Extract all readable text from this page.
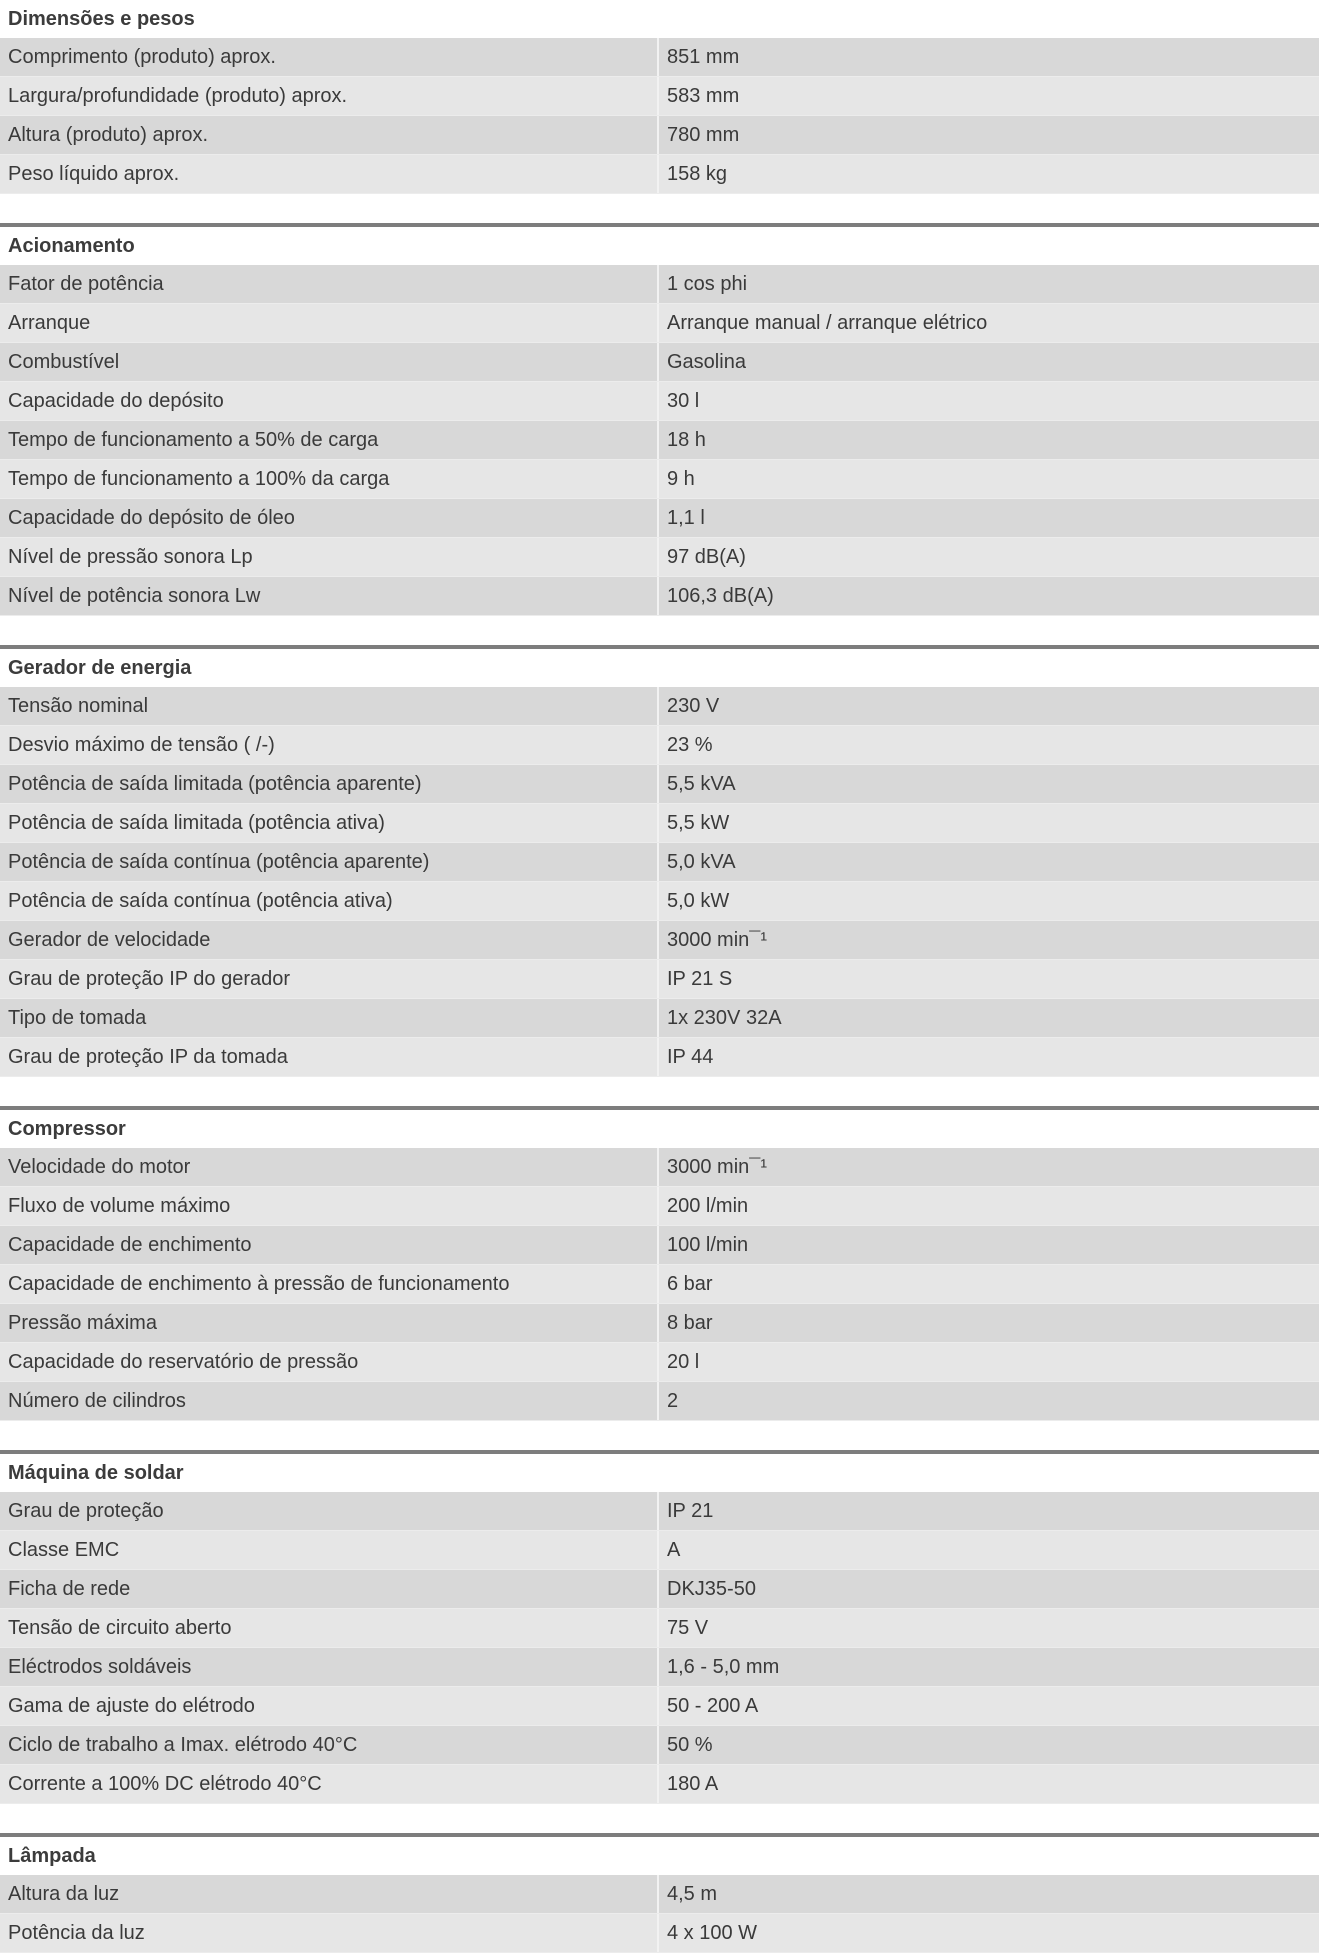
Dimensões e pesos
Comprimento (produto) aprox.	851 mm
Largura/profundidade (produto) aprox.	583 mm
Altura (produto) aprox.	780 mm
Peso líquido aprox.	158 kg
Acionamento
Fator de potência	1 cos phi
Arranque	Arranque manual / arranque elétrico
Combustível	Gasolina
Capacidade do depósito	30 l
Tempo de funcionamento a 50% de carga	18 h
Tempo de funcionamento a 100% da carga	9 h
Capacidade do depósito de óleo	1,1 l
Nível de pressão sonora Lp	97 dB(A)
Nível de potência sonora Lw	106,3 dB(A)
Gerador de energia
Tensão nominal	230 V
Desvio máximo de tensão ( /-)	23 %
Potência de saída limitada (potência aparente)	5,5 kVA
Potência de saída limitada (potência ativa)	5,5 kW
Potência de saída contínua (potência aparente)	5,0 kVA
Potência de saída contínua (potência ativa)	5,0 kW
Gerador de velocidade	3000 min¯¹
Grau de proteção IP do gerador	IP 21 S
Tipo de tomada	1x 230V 32A
Grau de proteção IP da tomada	IP 44
Compressor
Velocidade do motor	3000 min¯¹
Fluxo de volume máximo	200 l/min
Capacidade de enchimento	100 l/min
Capacidade de enchimento à pressão de funcionamento	6 bar
Pressão máxima	8 bar
Capacidade do reservatório de pressão	20 l
Número de cilindros	2
Máquina de soldar
Grau de proteção	IP 21
Classe EMC	A
Ficha de rede	DKJ35-50
Tensão de circuito aberto	75 V
Eléctrodos soldáveis	1,6 - 5,0 mm
Gama de ajuste do elétrodo	50 - 200 A
Ciclo de trabalho a Imax. elétrodo 40°C	50 %
Corrente a 100% DC elétrodo 40°C	180 A
Lâmpada
Altura da luz	4,5 m
Potência da luz	4 x 100 W
